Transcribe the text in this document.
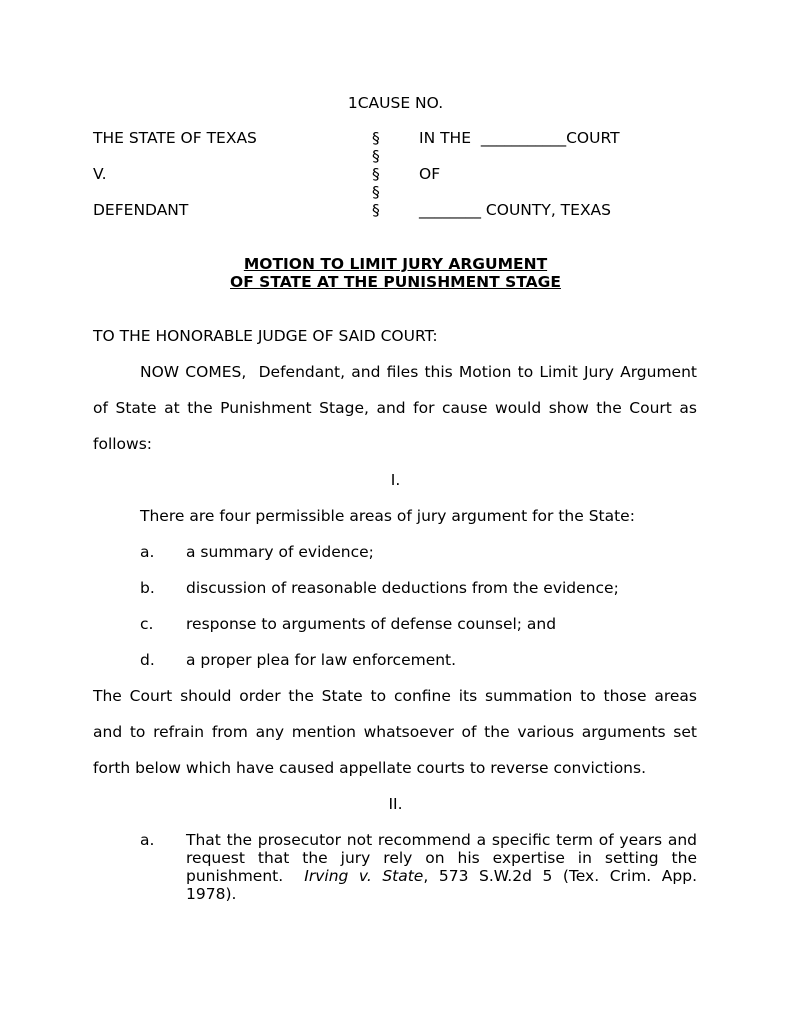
1CAUSE NO.
THE STATE OF TEXAS
V.
DEFENDANT
§
§
§
§
§
IN THE  ___________COURT
OF
________ COUNTY, TEXAS
MOTION TO LIMIT JURY ARGUMENT
OF STATE AT THE PUNISHMENT STAGE
TO THE HONORABLE JUDGE OF SAID COURT:
NOW COMES,  Defendant, and files this Motion to Limit Jury Argument
of State at the Punishment Stage, and for cause would show the Court as
follows:
I.
There are four permissible areas of jury argument for the State:
a. a summary of evidence;
b. discussion of reasonable deductions from the evidence;
c. response to arguments of defense counsel; and
d. a proper plea for law enforcement.
The Court should order the State to confine its summation to those areas
and to refrain from any mention whatsoever of the various arguments set
forth below which have caused appellate courts to reverse convictions.
II.
a. That the prosecutor not recommend a specific term of years and
request that the jury rely on his expertise in setting the
punishment.  Irving v. State, 573 S.W.2d 5 (Tex. Crim. App.
1978).
